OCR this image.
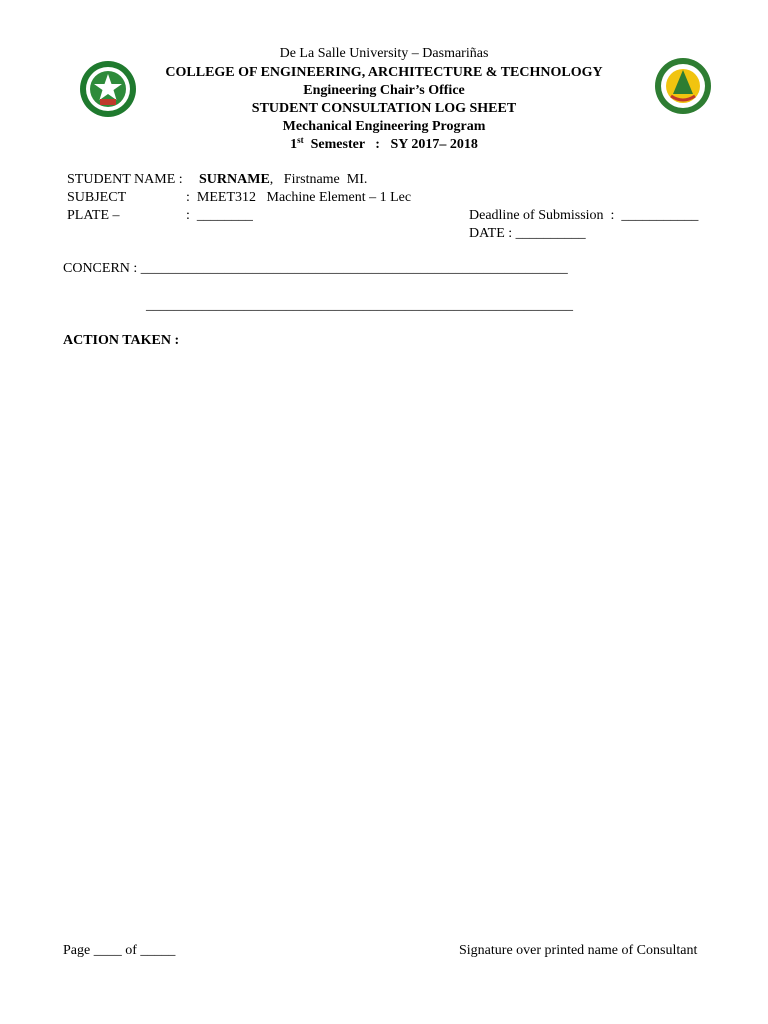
De La Salle University – Dasmariñas
COLLEGE OF ENGINEERING, ARCHITECTURE & TECHNOLOGY
Engineering Chair’s Office
STUDENT CONSULTATION LOG SHEET
Mechanical Engineering Program
1st  Semester   :   SY 2017– 2018
STUDENT NAME : SURNAME,   Firstname  MI.
SUBJECT	:  MEET312   Machine Element – 1 Lec
PLATE –	:  ________	Deadline of Submission  :  ___________
DATE : __________
CONCERN : _____________________________________________________________
_____________________________________________________________
ACTION TAKEN :
Page ____ of _____	Signature over printed name of Consultant
